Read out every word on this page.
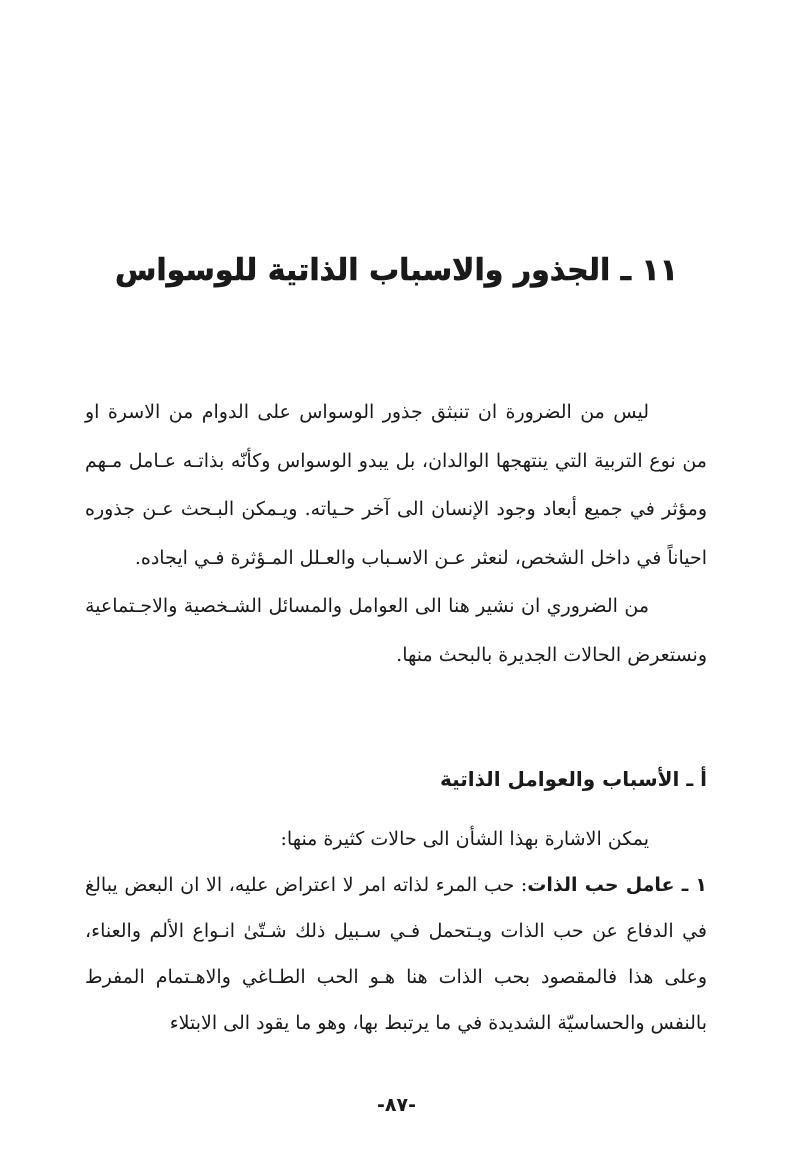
١١ ـ الجذور والاسباب الذاتية للوسواس

ليس من الضرورة ان تنبثق جذور الوسواس على الدوام من الاسرة او من نوع التربية التي ينتهجها الوالدان، بل يبدو الوسواس وكأنّه بذاتـه عـامل مـهم ومؤثر في جميع أبعاد وجود الإنسان الى آخر حـياته. ويـمكن البـحث عـن جذوره احياناً في داخل الشخص، لنعثر عـن الاسـباب والعـلل المـؤثرة فـي ايجاده.

من الضروري ان نشير هنا الى العوامل والمسائل الشـخصية والاجـتماعية ونستعرض الحالات الجديرة بالبحث منها.

أ ـ الأسباب والعوامل الذاتية

يمكن الاشارة بهذا الشأن الى حالات كثيرة منها:

١ ـ عامل حب الذات: حب المرء لذاته امر لا اعتراض عليه، الا ان البعض يبالغ في الدفاع عن حب الذات ويـتحمل فـي سـبيل ذلك شـتّىٰ انـواع الألم والعناء، وعلى هذا فالمقصود بحب الذات هنا هـو الحب الطـاغي والاهـتمام المفرط بالنفس والحساسيّة الشديدة في ما يرتبط بها، وهو ما يقود الى الابتلاء

-٨٧-
